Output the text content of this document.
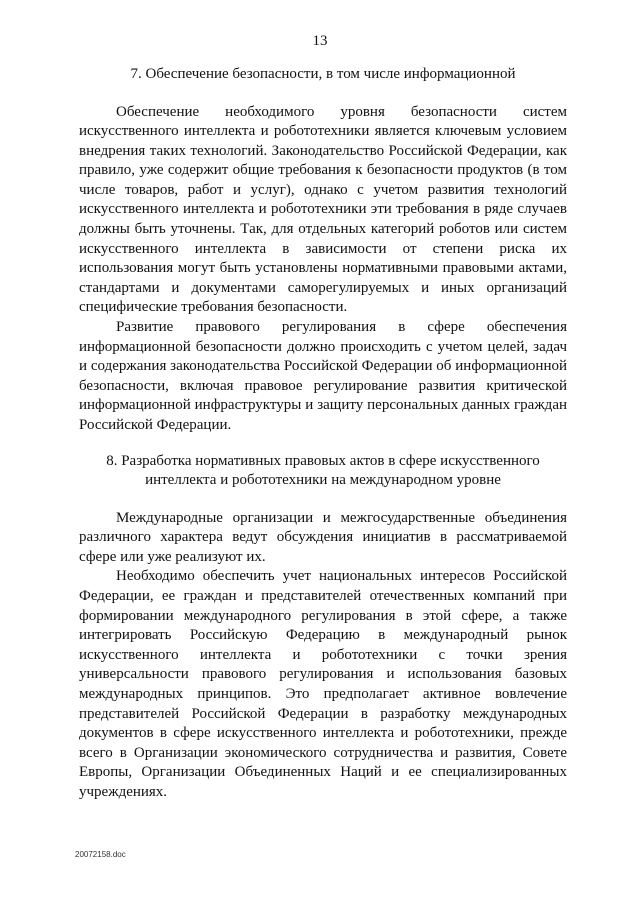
13

7. Обеспечение безопасности, в том числе информационной

Обеспечение необходимого уровня безопасности систем искусственного интеллекта и робототехники является ключевым условием внедрения таких технологий. Законодательство Российской Федерации, как правило, уже содержит общие требования к безопасности продуктов (в том числе товаров, работ и услуг), однако с учетом развития технологий искусственного интеллекта и робототехники эти требования в ряде случаев должны быть уточнены. Так, для отдельных категорий роботов или систем искусственного интеллекта в зависимости от степени риска их использования могут быть установлены нормативными правовыми актами, стандартами и документами саморегулируемых и иных организаций специфические требования безопасности.

Развитие правового регулирования в сфере обеспечения информационной безопасности должно происходить с учетом целей, задач и содержания законодательства Российской Федерации об информационной безопасности, включая правовое регулирование развития критической информационной инфраструктуры и защиту персональных данных граждан Российской Федерации.

8. Разработка нормативных правовых актов в сфере искусственного
интеллекта и робототехники на международном уровне

Международные организации и межгосударственные объединения различного характера ведут обсуждения инициатив в рассматриваемой сфере или уже реализуют их.

Необходимо обеспечить учет национальных интересов Российской Федерации, ее граждан и представителей отечественных компаний при формировании международного регулирования в этой сфере, а также интегрировать Российскую Федерацию в международный рынок искусственного интеллекта и робототехники с точки зрения универсальности правового регулирования и использования базовых международных принципов. Это предполагает активное вовлечение представителей Российской Федерации в разработку международных документов в сфере искусственного интеллекта и робототехники, прежде всего в Организации экономического сотрудничества и развития, Совете Европы, Организации Объединенных Наций и ее специализированных учреждениях.

20072158.doc
